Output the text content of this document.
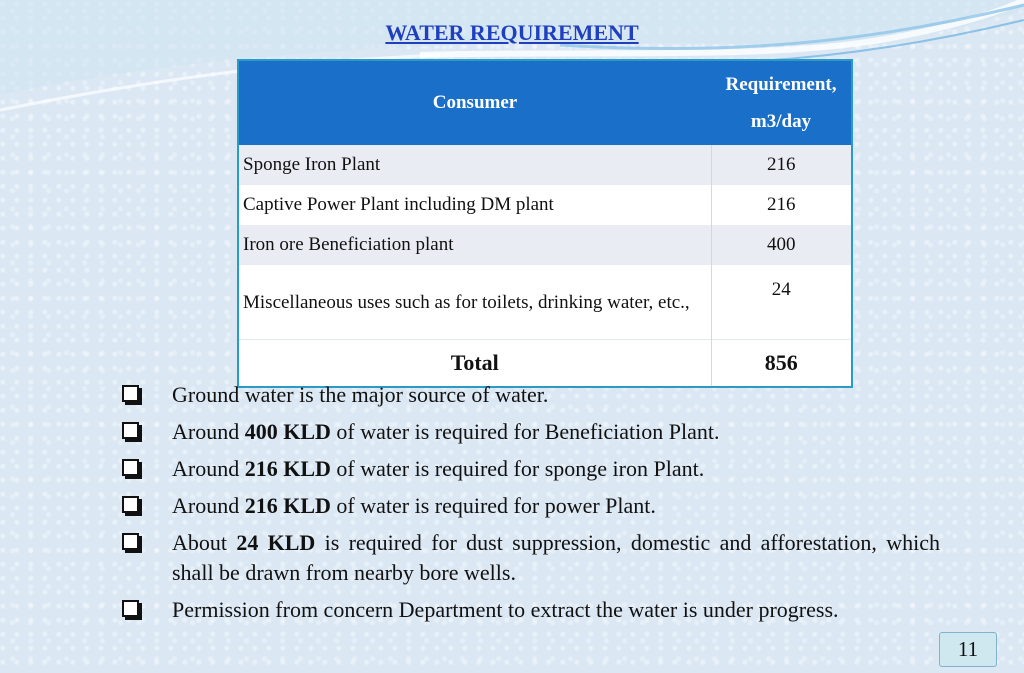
WATER REQUIREMENT
Consumer	Requirement,
m3/day
Sponge Iron Plant	216
Captive Power Plant including DM plant	216
Iron ore Beneficiation plant	400
Miscellaneous uses such as for toilets, drinking water, etc.,	24
Total	856
Ground water is the major source of water.
Around 400 KLD of water is required for Beneficiation Plant.
Around 216 KLD of water is required for sponge iron Plant.
Around 216 KLD of water is required for power Plant.
About 24 KLD is required for dust suppression, domestic and afforestation, which shall be drawn from nearby bore wells.
Permission from concern Department to extract the water is under progress.
11
